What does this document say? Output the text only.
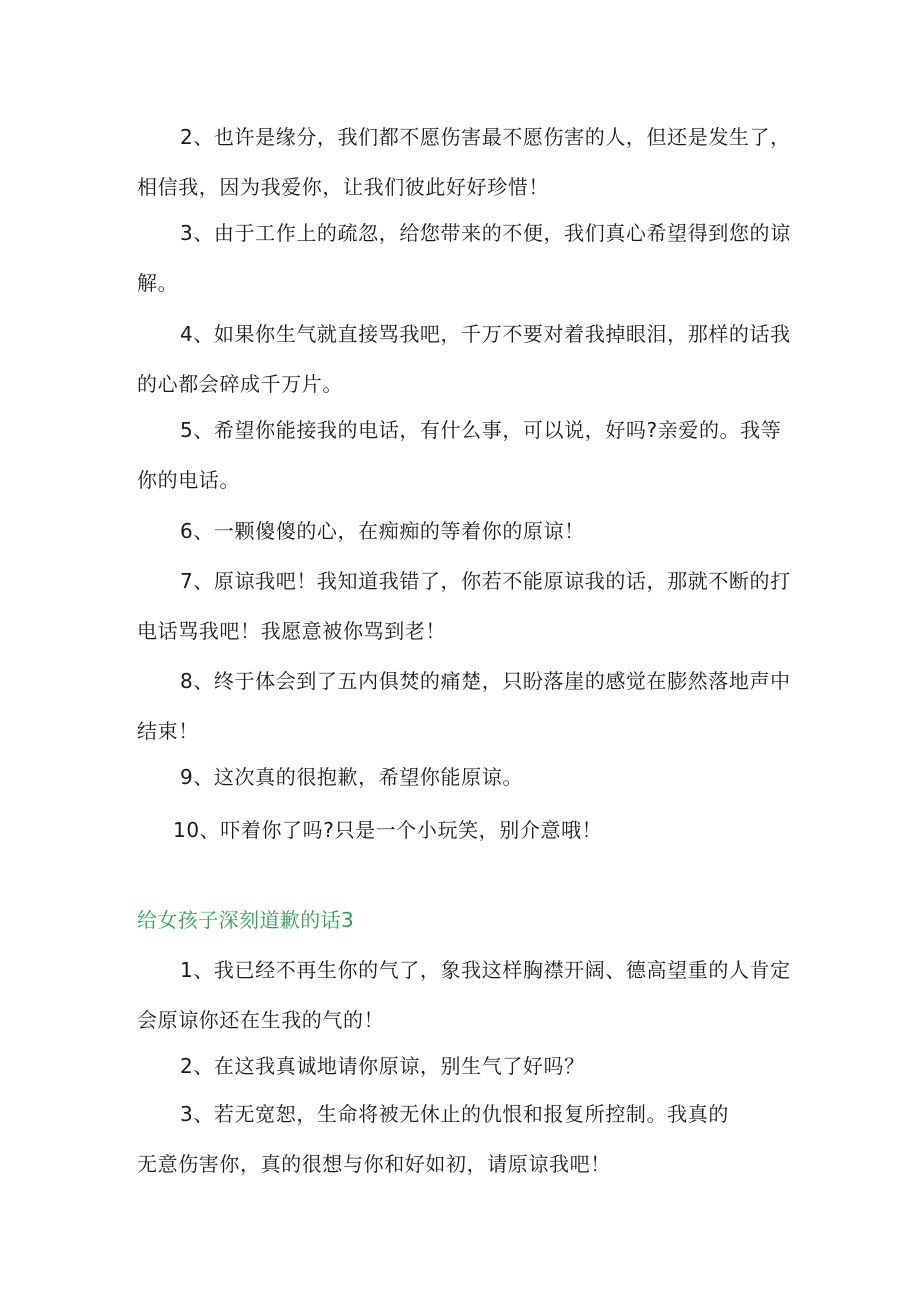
2、也许是缘分，我们都不愿伤害最不愿伤害的人，但还是发生了，相信我，因为我爱你，让我们彼此好好珍惜！
3、由于工作上的疏忽，给您带来的不便，我们真心希望得到您的谅解。
4、如果你生气就直接骂我吧，千万不要对着我掉眼泪，那样的话我的心都会碎成千万片。
5、希望你能接我的电话，有什么事，可以说，好吗?亲爱的。我等你的电话。
6、一颗傻傻的心，在痴痴的等着你的原谅！
7、原谅我吧！我知道我错了，你若不能原谅我的话，那就不断的打电话骂我吧！我愿意被你骂到老！
8、终于体会到了五内俱焚的痛楚，只盼落崖的感觉在膨然落地声中结束！
9、这次真的很抱歉，希望你能原谅。
10、吓着你了吗?只是一个小玩笑，别介意哦！
给女孩子深刻道歉的话3
1、我已经不再生你的气了，象我这样胸襟开阔、德高望重的人肯定会原谅你还在生我的气的！
2、在这我真诚地请你原谅，别生气了好吗？
3、若无宽恕，生命将被无休止的仇恨和报复所控制。我真的无意伤害你，真的很想与你和好如初，请原谅我吧！
